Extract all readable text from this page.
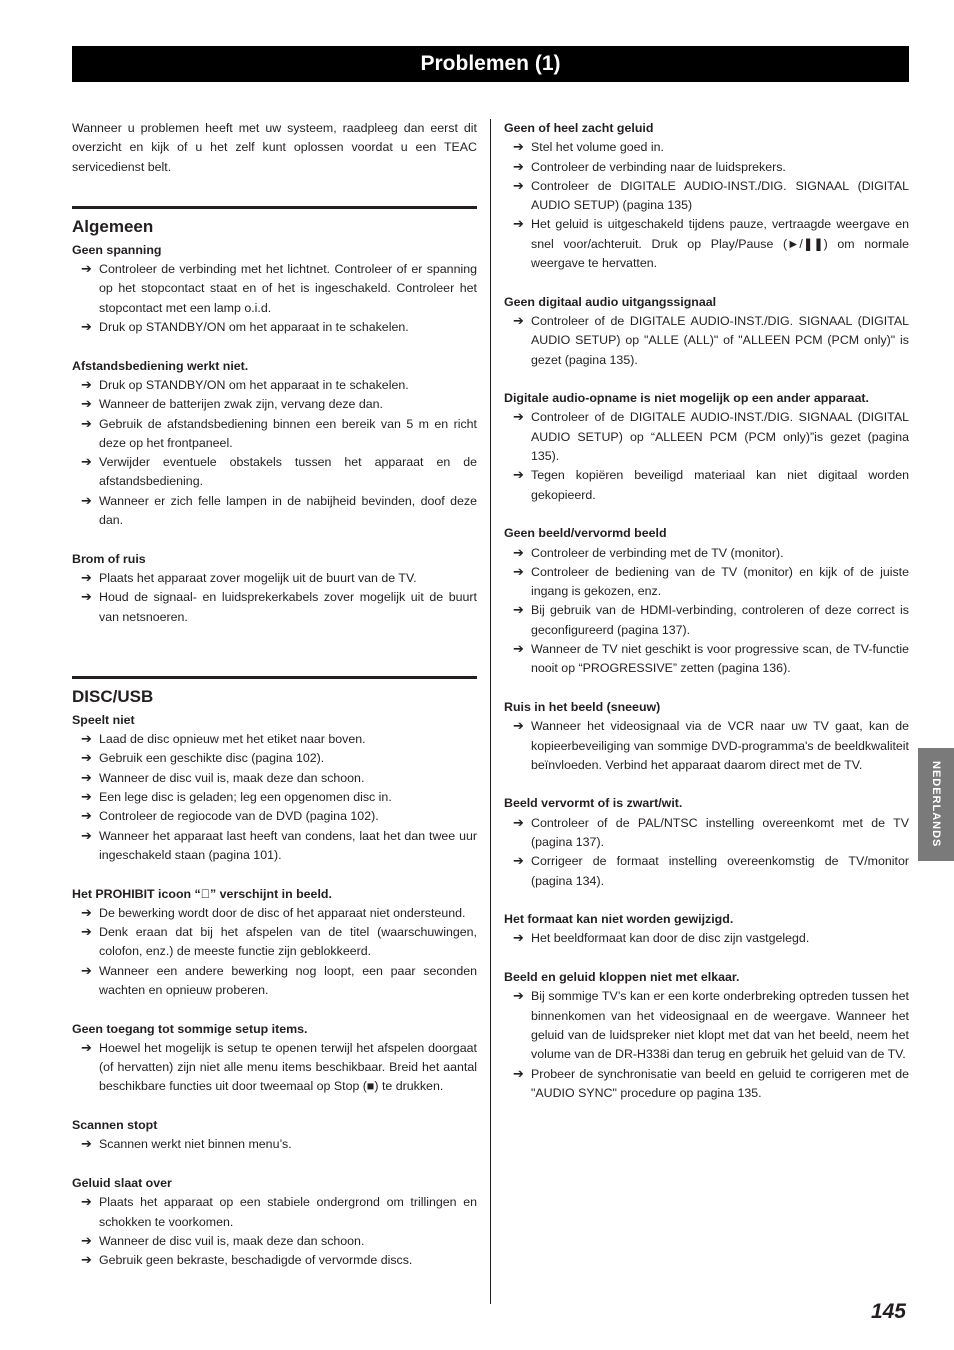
Problemen (1)

Wanneer u problemen heeft met uw systeem, raadpleeg dan eerst dit overzicht en kijk of u het zelf kunt oplossen voordat u een TEAC servicedienst belt.

Algemeen

Geen spanning

➔ Controleer de verbinding met het lichtnet. Controleer of er spanning op het stopcontact staat en of het is ingeschakeld. Controleer het stopcontact met een lamp o.i.d.
➔ Druk op STANDBY/ON om het apparaat in te schakelen.

Afstandsbediening werkt niet.

➔ Druk op STANDBY/ON om het apparaat in te schakelen.
➔ Wanneer de batterijen zwak zijn, vervang deze dan.
➔ Gebruik de afstandsbediening binnen een bereik van 5 m en richt deze op het frontpaneel.
➔ Verwijder eventuele obstakels tussen het apparaat en de afstandsbediening.
➔ Wanneer er zich felle lampen in de nabijheid bevinden, doof deze dan.

Brom of ruis

➔ Plaats het apparaat zover mogelijk uit de buurt van de TV.
➔ Houd de signaal- en luidsprekerkabels zover mogelijk uit de buurt van netsnoeren.
DISC/USB

Speelt niet

➔ Laad de disc opnieuw met het etiket naar boven.
➔ Gebruik een geschikte disc (pagina 102).
➔ Wanneer de disc vuil is, maak deze dan schoon.
➔ Een lege disc is geladen; leg een opgenomen disc in.
➔ Controleer de regiocode van de DVD (pagina 102).
➔ Wanneer het apparaat last heeft van condens, laat het dan twee uur ingeschakeld staan (pagina 101).

Het PROHIBIT icoon “⃠” verschijnt in beeld.

➔ De bewerking wordt door de disc of het apparaat niet ondersteund.
➔ Denk eraan dat bij het afspelen van de titel (waarschuwingen, colofon, enz.) de meeste functie zijn geblokkeerd.
➔ Wanneer een andere bewerking nog loopt, een paar seconden wachten en opnieuw proberen.

Geen toegang tot sommige setup items.

➔ Hoewel het mogelijk is setup te openen terwijl het afspelen doorgaat (of hervatten) zijn niet alle menu items beschikbaar. Breid het aantal beschikbare functies uit door tweemaal op Stop (■) te drukken.

Scannen stopt

➔ Scannen werkt niet binnen menu’s.

Geluid slaat over

➔ Plaats het apparaat op een stabiele ondergrond om trillingen en schokken te voorkomen.
➔ Wanneer de disc vuil is, maak deze dan schoon.
➔ Gebruik geen bekraste, beschadigde of vervormde discs.

Geen of heel zacht geluid

➔ Stel het volume goed in.
➔ Controleer de verbinding naar de luidsprekers.
➔ Controleer de DIGITALE AUDIO-INST./DIG. SIGNAAL (DIGITAL AUDIO SETUP) (pagina 135)
➔ Het geluid is uitgeschakeld tijdens pauze, vertraagde weergave en snel voor/achteruit. Druk op Play/Pause (►/❚❚) om normale weergave te hervatten.

Geen digitaal audio uitgangssignaal

➔ Controleer of de DIGITALE AUDIO-INST./DIG. SIGNAAL (DIGITAL AUDIO SETUP) op "ALLE (ALL)" of "ALLEEN PCM (PCM only)" is gezet (pagina 135).

Digitale audio-opname is niet mogelijk op een ander apparaat.

➔ Controleer of de DIGITALE AUDIO-INST./DIG. SIGNAAL (DIGITAL AUDIO SETUP) op “ALLEEN PCM (PCM only)”is gezet (pagina 135).
➔ Tegen kopiëren beveiligd materiaal kan niet digitaal worden gekopieerd.

Geen beeld/vervormd beeld

➔ Controleer de verbinding met de TV (monitor).
➔ Controleer de bediening van de TV (monitor) en kijk of de juiste ingang is gekozen, enz.
➔ Bij gebruik van de HDMI-verbinding, controleren of deze correct is geconfigureerd (pagina 137).
➔ Wanneer de TV niet geschikt is voor progressive scan, de TV-functie nooit op “PROGRESSIVE” zetten (pagina 136).

Ruis in het beeld (sneeuw)

➔ Wanneer het videosignaal via de VCR naar uw TV gaat, kan de kopieerbeveiliging van sommige DVD-programma's de beeldkwaliteit beïnvloeden. Verbind het apparaat daarom direct met de TV.

Beeld vervormt of is zwart/wit.

➔ Controleer of de PAL/NTSC instelling overeenkomt met de TV (pagina 137).
➔ Corrigeer de formaat instelling overeenkomstig de TV/monitor (pagina 134).

Het formaat kan niet worden gewijzigd.

➔ Het beeldformaat kan door de disc zijn vastgelegd.

Beeld en geluid kloppen niet met elkaar.

➔ Bij sommige TV’s kan er een korte onderbreking optreden tussen het binnenkomen van het videosignaal en de weergave. Wanneer het geluid van de luidspreker niet klopt met dat van het beeld, neem het volume van de DR-H338i dan terug en gebruik het geluid van de TV.
➔ Probeer de synchronisatie van beeld en geluid te corrigeren met de "AUDIO SYNC" procedure op pagina 135.
NEDERLANDS
145
